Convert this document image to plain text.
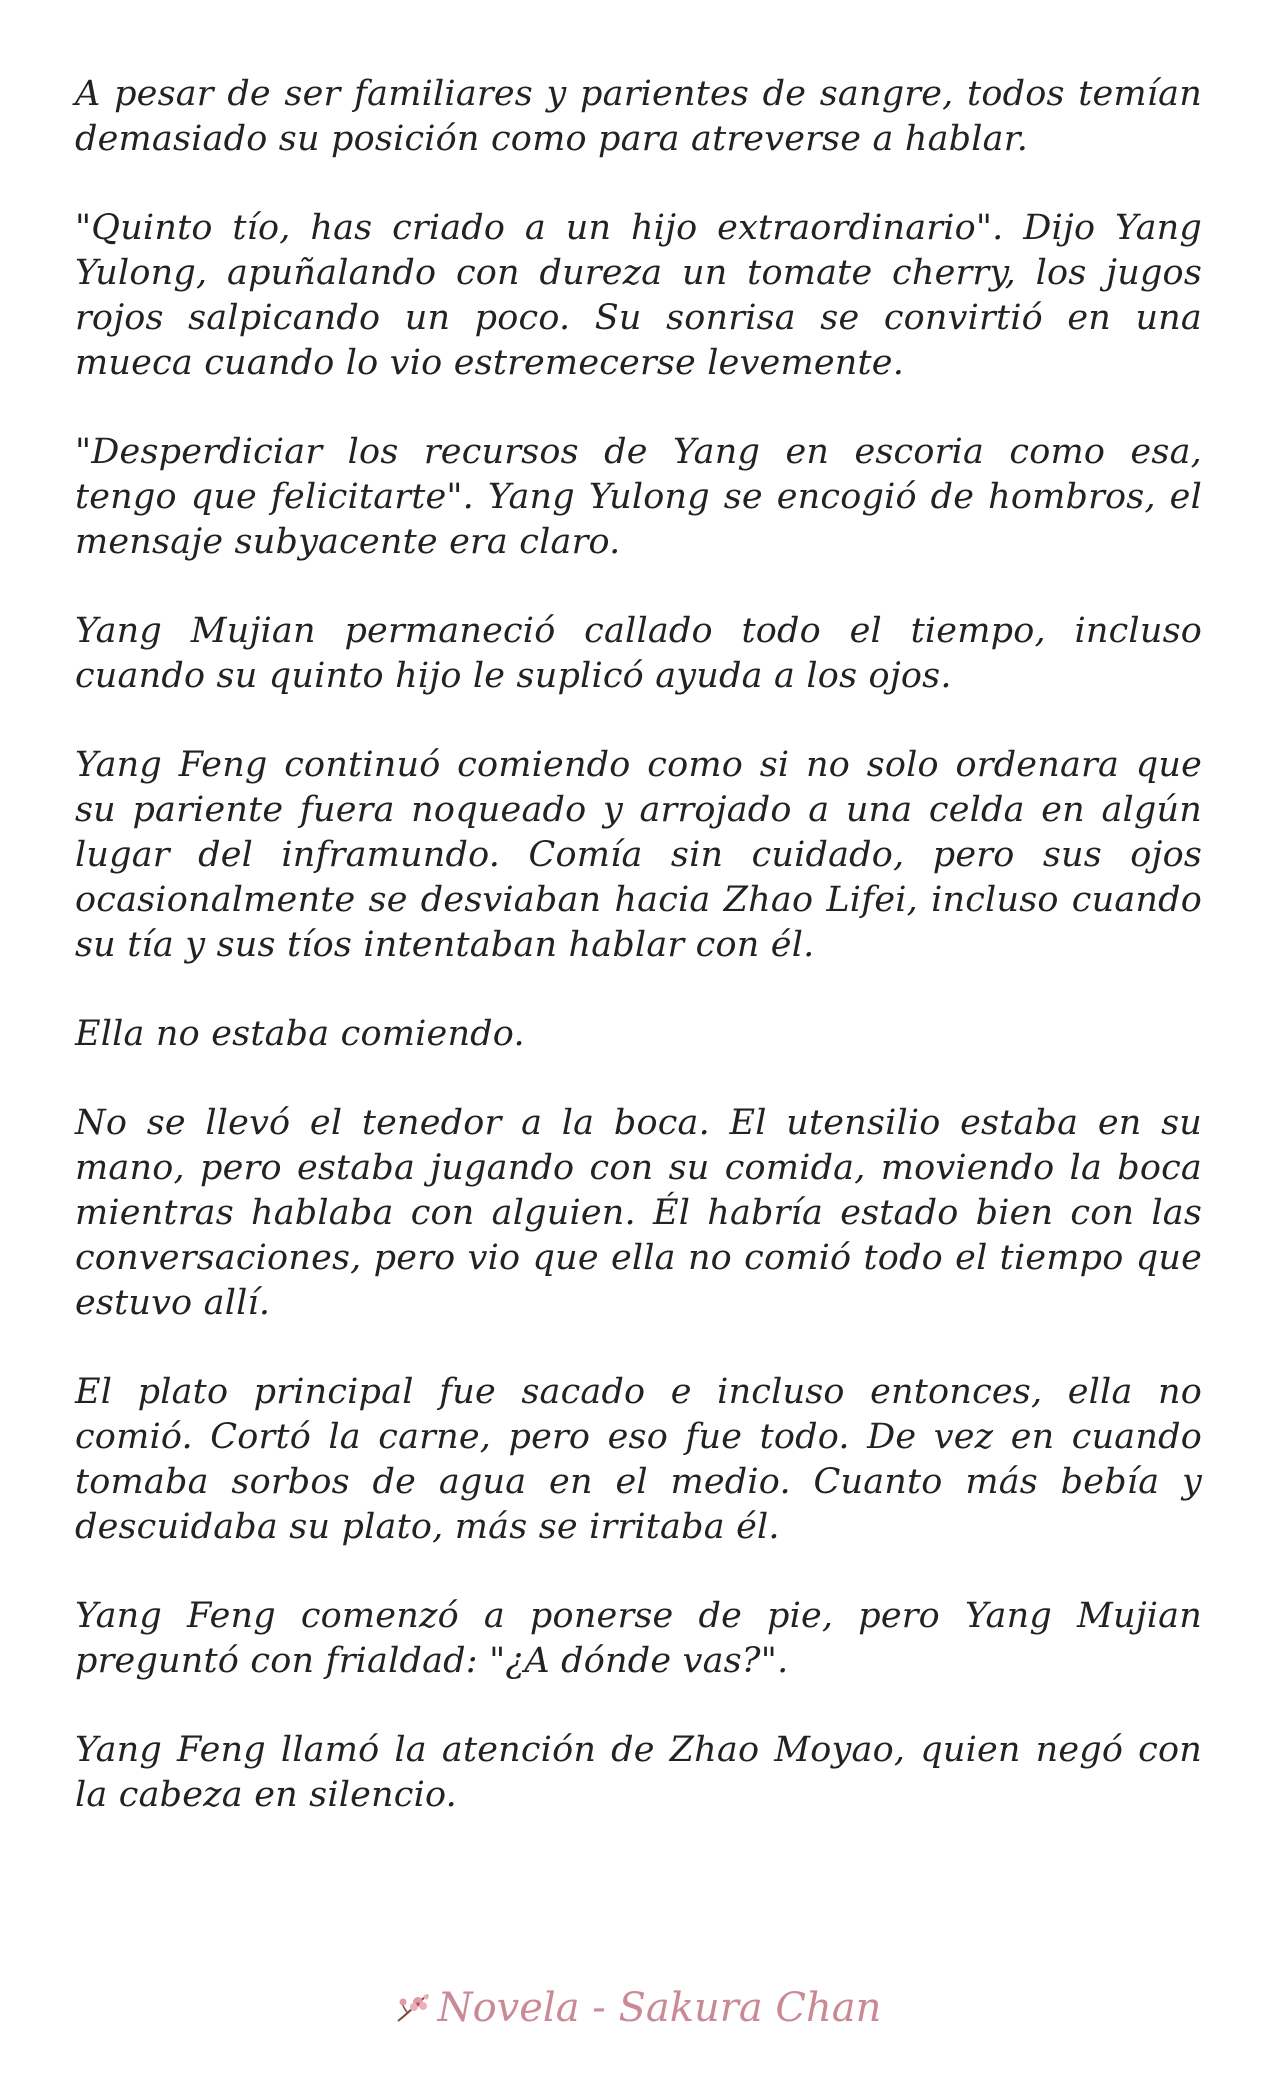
A pesar de ser familiares y parientes de sangre, todos temían demasiado su posición como para atreverse a hablar.

"Quinto tío, has criado a un hijo extraordinario". Dijo Yang Yulong, apuñalando con dureza un tomate cherry, los jugos rojos salpicando un poco. Su sonrisa se convirtió en una mueca cuando lo vio estremecerse levemente.

"Desperdiciar los recursos de Yang en escoria como esa, tengo que felicitarte". Yang Yulong se encogió de hombros, el mensaje subyacente era claro.

Yang Mujian permaneció callado todo el tiempo, incluso cuando su quinto hijo le suplicó ayuda a los ojos.

Yang Feng continuó comiendo como si no solo ordenara que su pariente fuera noqueado y arrojado a una celda en algún lugar del inframundo. Comía sin cuidado, pero sus ojos ocasionalmente se desviaban hacia Zhao Lifei, incluso cuando su tía y sus tíos intentaban hablar con él.

Ella no estaba comiendo.

No se llevó el tenedor a la boca. El utensilio estaba en su mano, pero estaba jugando con su comida, moviendo la boca mientras hablaba con alguien. Él habría estado bien con las conversaciones, pero vio que ella no comió todo el tiempo que estuvo allí.

El plato principal fue sacado e incluso entonces, ella no comió. Cortó la carne, pero eso fue todo. De vez en cuando tomaba sorbos de agua en el medio. Cuanto más bebía y descuidaba su plato, más se irritaba él.

Yang Feng comenzó a ponerse de pie, pero Yang Mujian preguntó con frialdad: "¿A dónde vas?".

Yang Feng llamó la atención de Zhao Moyao, quien negó con la cabeza en silencio.

Novela - Sakura Chan
